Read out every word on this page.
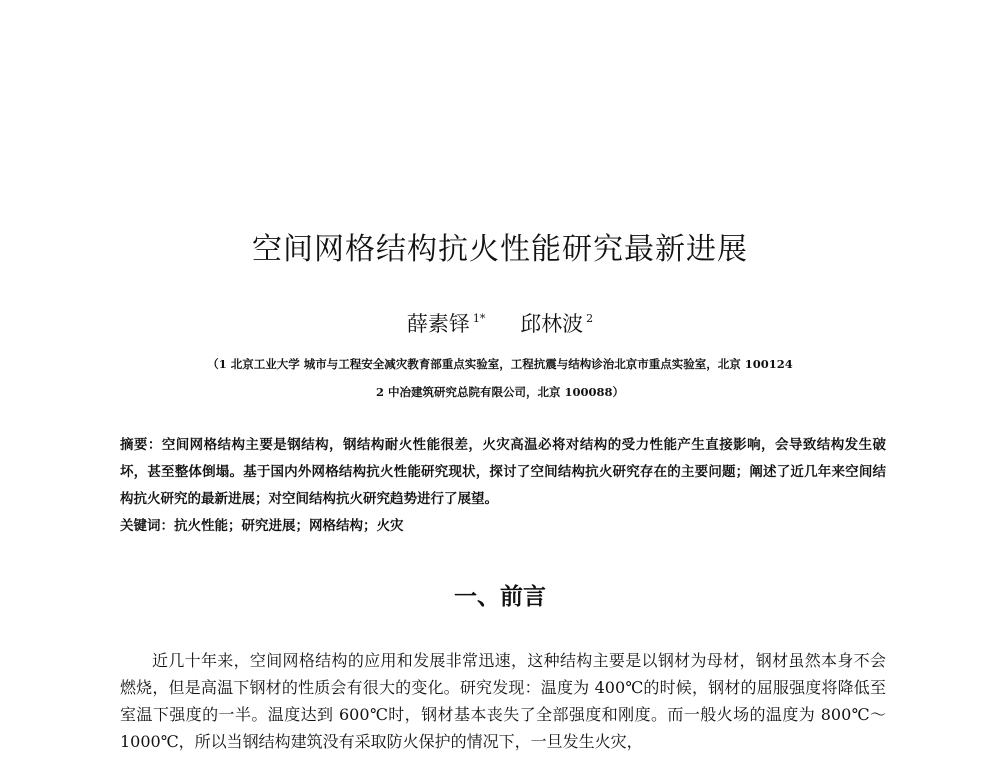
空间网格结构抗火性能研究最新进展
薛素铎 $^{1*}$ 邱林波 $^2$
（1 北京工业大学 城市与工程安全减灾教育部重点实验室，工程抗震与结构诊治北京市重点实验室，北京 100124
2 中冶建筑研究总院有限公司，北京 100088）
摘要：空间网格结构主要是钢结构，钢结构耐火性能很差，火灾高温必将对结构的受力性能产生直接影响，会导致结构发生破坏，甚至整体倒塌。基于国内外网格结构抗火性能研究现状，探讨了空间结构抗火研究存在的主要问题；阐述了近几年来空间结构抗火研究的最新进展；对空间结构抗火研究趋势进行了展望。
关键词：抗火性能；研究进展；网格结构；火灾
一、前言
近几十年来，空间网格结构的应用和发展非常迅速，这种结构主要是以钢材为母材，钢材虽然本身不会燃烧，但是高温下钢材的性质会有很大的变化。研究发现：温度为 400℃的时候，钢材的屈服强度将降低至室温下强度的一半。温度达到 600℃时，钢材基本丧失了全部强度和刚度。而一般火场的温度为 800℃～1000℃，所以当钢结构建筑没有采取防火保护的情况下，一旦发生火灾，
